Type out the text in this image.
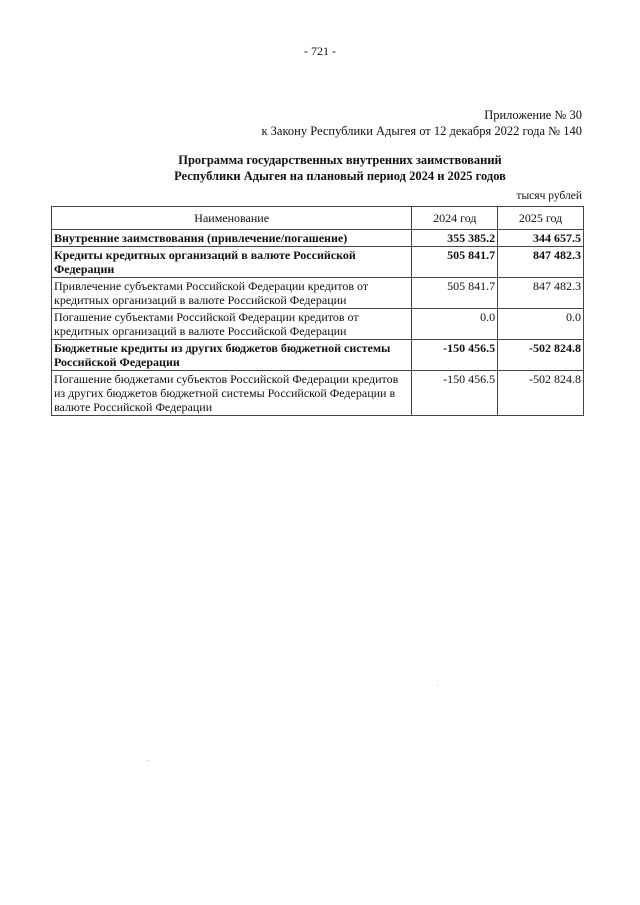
- 721 -
Приложение № 30
к Закону Республики Адыгея от 12 декабря 2022 года № 140
Программа государственных внутренних заимствований
Республики Адыгея на плановый период 2024 и 2025 годов
тысяч рублей
Наименование	2024 год	2025 год
Внутренние заимствования (привлечение/погашение)	355 385.2	344 657.5
Кредиты кредитных организаций в валюте Российской Федерации	505 841.7	847 482.3
Привлечение субъектами Российской Федерации кредитов от кредитных организаций в валюте Российской Федерации	505 841.7	847 482.3
Погашение субъектами Российской Федерации кредитов от кредитных организаций в валюте Российской Федерации	0.0	0.0
Бюджетные кредиты из других бюджетов бюджетной системы Российской Федерации	-150 456.5	-502 824.8
Погашение бюджетами субъектов Российской Федерации кредитов из других бюджетов бюджетной системы Российской Федерации в валюте Российской Федерации	-150 456.5	-502 824.8
